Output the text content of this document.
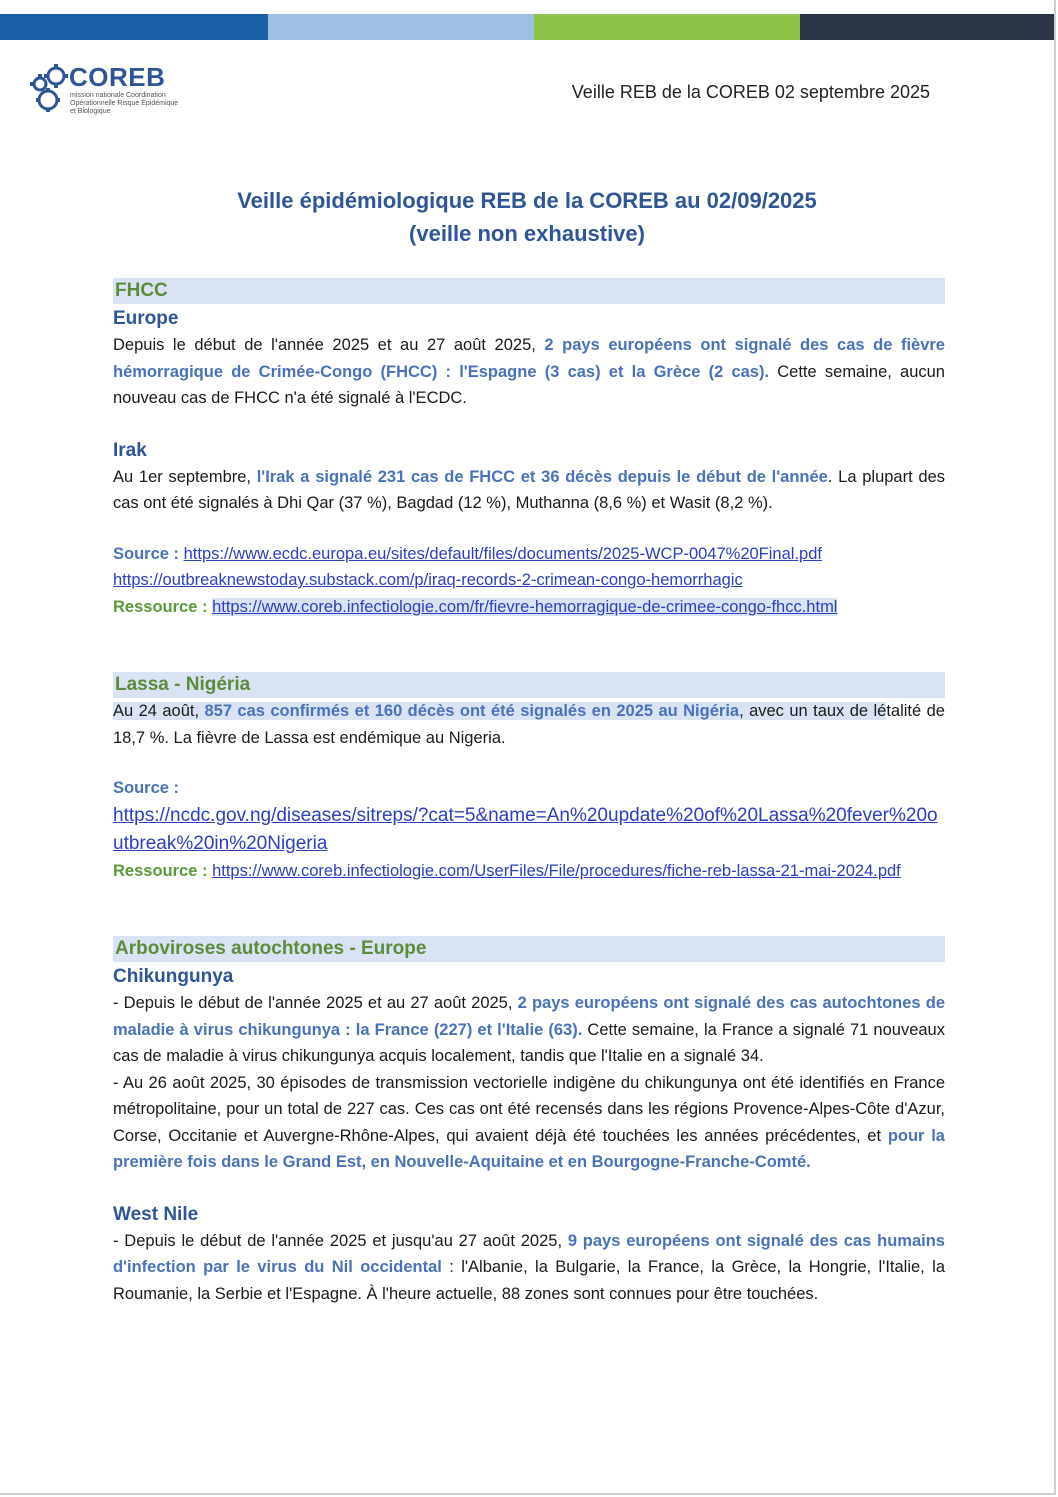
COREB
mission nationale Coordination Opérationnelle Risque Épidémique et Biologique
Veille REB de la COREB 02 septembre 2025
Veille épidémiologique REB de la COREB au 02/09/2025
(veille non exhaustive)
FHCC
Europe

Depuis le début de l'année 2025 et au 27 août 2025, 2 pays européens ont signalé des cas de fièvre hémorragique de Crimée-Congo (FHCC) : l'Espagne (3 cas) et la Grèce (2 cas). Cette semaine, aucun nouveau cas de FHCC n'a été signalé à l'ECDC.

Irak

Au 1er septembre, l'Irak a signalé 231 cas de FHCC et 36 décès depuis le début de l'année. La plupart des cas ont été signalés à Dhi Qar (37 %), Bagdad (12 %), Muthanna (8,6 %) et Wasit (8,2 %).

Source : https://www.ecdc.europa.eu/sites/default/files/documents/2025-WCP-0047%20Final.pdf
https://outbreaknewstoday.substack.com/p/iraq-records-2-crimean-congo-hemorrhagic
Ressource : https://www.coreb.infectiologie.com/fr/fievre-hemorragique-de-crimee-congo-fhcc.html

Lassa - Nigéria

Au 24 août, 857 cas confirmés et 160 décès ont été signalés en 2025 au Nigéria, avec un taux de létalité de 18,7 %. La fièvre de Lassa est endémique au Nigeria.

Source :
https://ncdc.gov.ng/diseases/sitreps/?cat=5&name=An%20update%20of%20Lassa%20fever%20outbreak%20in%20Nigeria
Ressource : https://www.coreb.infectiologie.com/UserFiles/File/procedures/fiche-reb-lassa-21-mai-2024.pdf

Arboviroses autochtones - Europe
Chikungunya

- Depuis le début de l'année 2025 et au 27 août 2025, 2 pays européens ont signalé des cas autochtones de maladie à virus chikungunya : la France (227) et l'Italie (63). Cette semaine, la France a signalé 71 nouveaux cas de maladie à virus chikungunya acquis localement, tandis que l'Italie en a signalé 34.

- Au 26 août 2025, 30 épisodes de transmission vectorielle indigène du chikungunya ont été identifiés en France métropolitaine, pour un total de 227 cas. Ces cas ont été recensés dans les régions Provence-Alpes-Côte d'Azur, Corse, Occitanie et Auvergne-Rhône-Alpes, qui avaient déjà été touchées les années précédentes, et pour la première fois dans le Grand Est, en Nouvelle-Aquitaine et en Bourgogne-Franche-Comté.

West Nile

- Depuis le début de l'année 2025 et jusqu'au 27 août 2025, 9 pays européens ont signalé des cas humains d'infection par le virus du Nil occidental : l'Albanie, la Bulgarie, la France, la Grèce, la Hongrie, l'Italie, la Roumanie, la Serbie et l'Espagne. À l'heure actuelle, 88 zones sont connues pour être touchées.
